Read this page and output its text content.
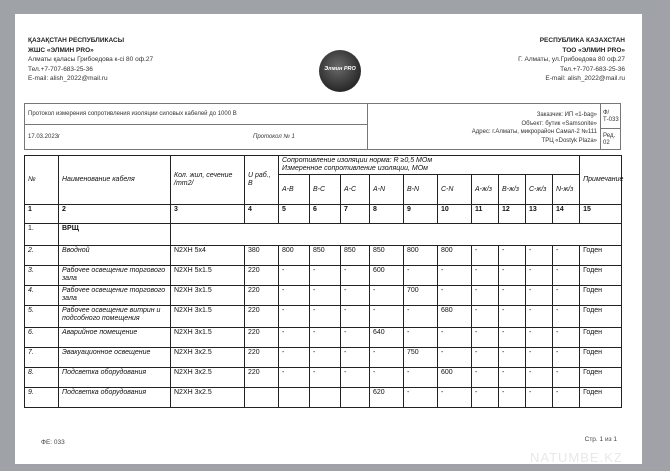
ҚАЗАҚСТАН РЕСПУБЛИКАСЫ
ЖШС «ЭЛМИН PRO»
Алматы қаласы Грибоедова к-сі 80 оф.27
Тел.+7-707-683-25-36
E-mail: alish_2022@mail.ru
Элмин PRO
РЕСПУБЛИКА КАЗАХСТАН
ТОО «ЭЛМИН PRO»
Г. Алматы, ул.Грибоедова 80 оф.27
Тел.+7-707-683-25-36
E-mail: alish_2022@mail.ru
Протокол измерения сопротивления изоляции силовых кабелей до 1000 В
17.03.2023г	Протокол № 1
Заказчик: ИП «1-bag»
Объект: бутик «Samsonite»
Адрес: г.Алматы, микрорайон Самал-2 №111
ТРЦ «Dostyk Plaza»
Ф/Т-033
Ред. 02
№	Наименование кабеля	Кол. жил, сечение /mm2/	U раб., В	Сопротивление изоляции норма: R ≥0,5 МОм
Измеренное сопротивление изоляции, МОм										Примечание
				А-В	В-С	А-С	А-N	В-N	С-N	А-ж/з	В-ж/з	С-ж/з	N-ж/з	
1	2	3	4	5	6	7	8	9	10	11	12	13	14	15
1.	ВРЩ													
2.	Вводной	N2XH 5x4	380	800	850	850	850	800	800	-	-	-	-	Годен
3.	Рабочее освещение торгового зала	N2XH 5x1.5	220	-	-	-	600	-	-	-	-	-	-	Годен
4.	Рабочее освещение торгового зала	N2XH 3x1.5	220	-	-	-	-	700	-	-	-	-	-	Годен
5.	Рабочее освещение витрин и подсобного помещения	N2XH 3x1.5	220	-	-	-	-	-	680	-	-	-	-	Годен
6.	Аварийное помещение	N2XH 3x1.5	220	-	-	-	640	-	-	-	-	-	-	Годен
7.	Эвакуационное освещение	N2XH 3x2.5	220	-	-	-	-	750	-	-	-	-	-	Годен
8.	Подсветка оборудования	N2XH 3x2.5	220	-	-	-	-	-	600	-	-	-	-	Годен
9.	Подсветка оборудования	N2XH 3x2.5					620	-	-	-	-	-	-	Годен
ФЕ: 033	Стр. 1 из 1
NATUMBE.KZ
